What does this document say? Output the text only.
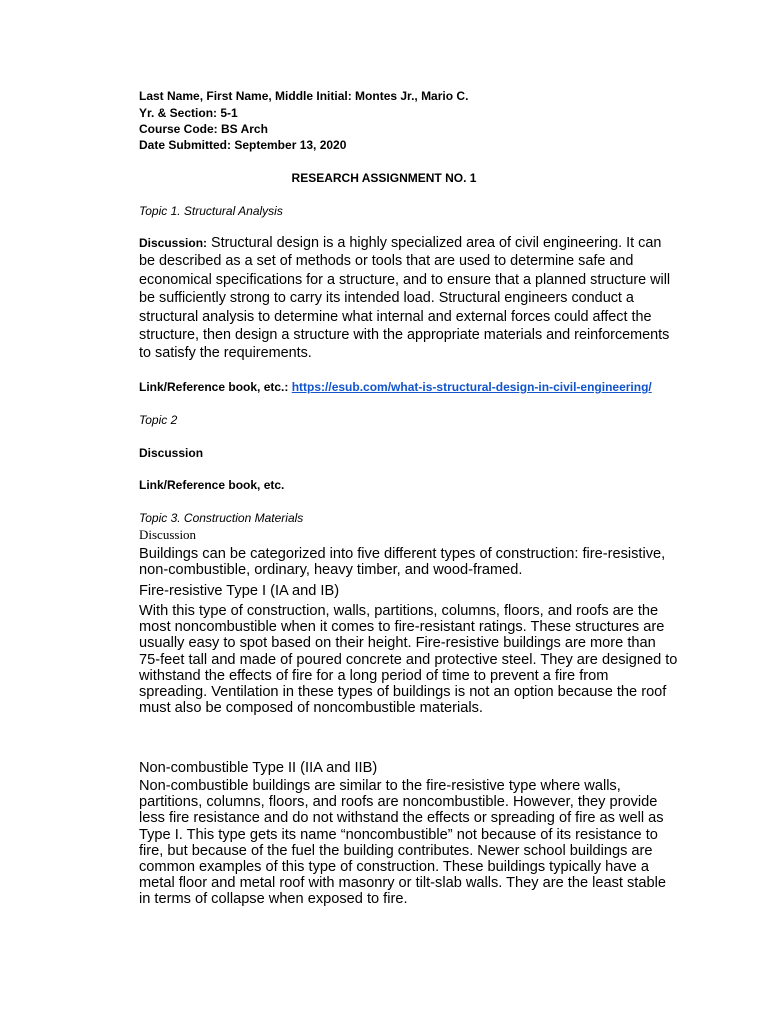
Last Name, First Name, Middle Initial: Montes Jr., Mario C.
Yr. & Section: 5-1
Course Code: BS Arch
Date Submitted: September 13, 2020
RESEARCH ASSIGNMENT NO. 1
Topic 1. Structural Analysis
Discussion: Structural design is a highly specialized area of civil engineering. It can be described as a set of methods or tools that are used to determine safe and economical specifications for a structure, and to ensure that a planned structure will be sufficiently strong to carry its intended load. Structural engineers conduct a structural analysis to determine what internal and external forces could affect the structure, then design a structure with the appropriate materials and reinforcements to satisfy the requirements.
Link/Reference book, etc.: https://esub.com/what-is-structural-design-in-civil-engineering/
Topic 2
Discussion
Link/Reference book, etc.
Topic 3. Construction Materials
Discussion
Buildings can be categorized into five different types of construction: fire-resistive, non-combustible, ordinary, heavy timber, and wood-framed.
Fire-resistive Type I (IA and IB)
With this type of construction, walls, partitions, columns, floors, and roofs are the most noncombustible when it comes to fire-resistant ratings. These structures are usually easy to spot based on their height. Fire-resistive buildings are more than 75-feet tall and made of poured concrete and protective steel. They are designed to withstand the effects of fire for a long period of time to prevent a fire from spreading. Ventilation in these types of buildings is not an option because the roof must also be composed of noncombustible materials.
Non-combustible Type II (IIA and IIB)
Non-combustible buildings are similar to the fire-resistive type where walls, partitions, columns, floors, and roofs are noncombustible. However, they provide less fire resistance and do not withstand the effects or spreading of fire as well as Type I. This type gets its name “noncombustible” not because of its resistance to fire, but because of the fuel the building contributes. Newer school buildings are common examples of this type of construction. These buildings typically have a metal floor and metal roof with masonry or tilt-slab walls. They are the least stable in terms of collapse when exposed to fire.
